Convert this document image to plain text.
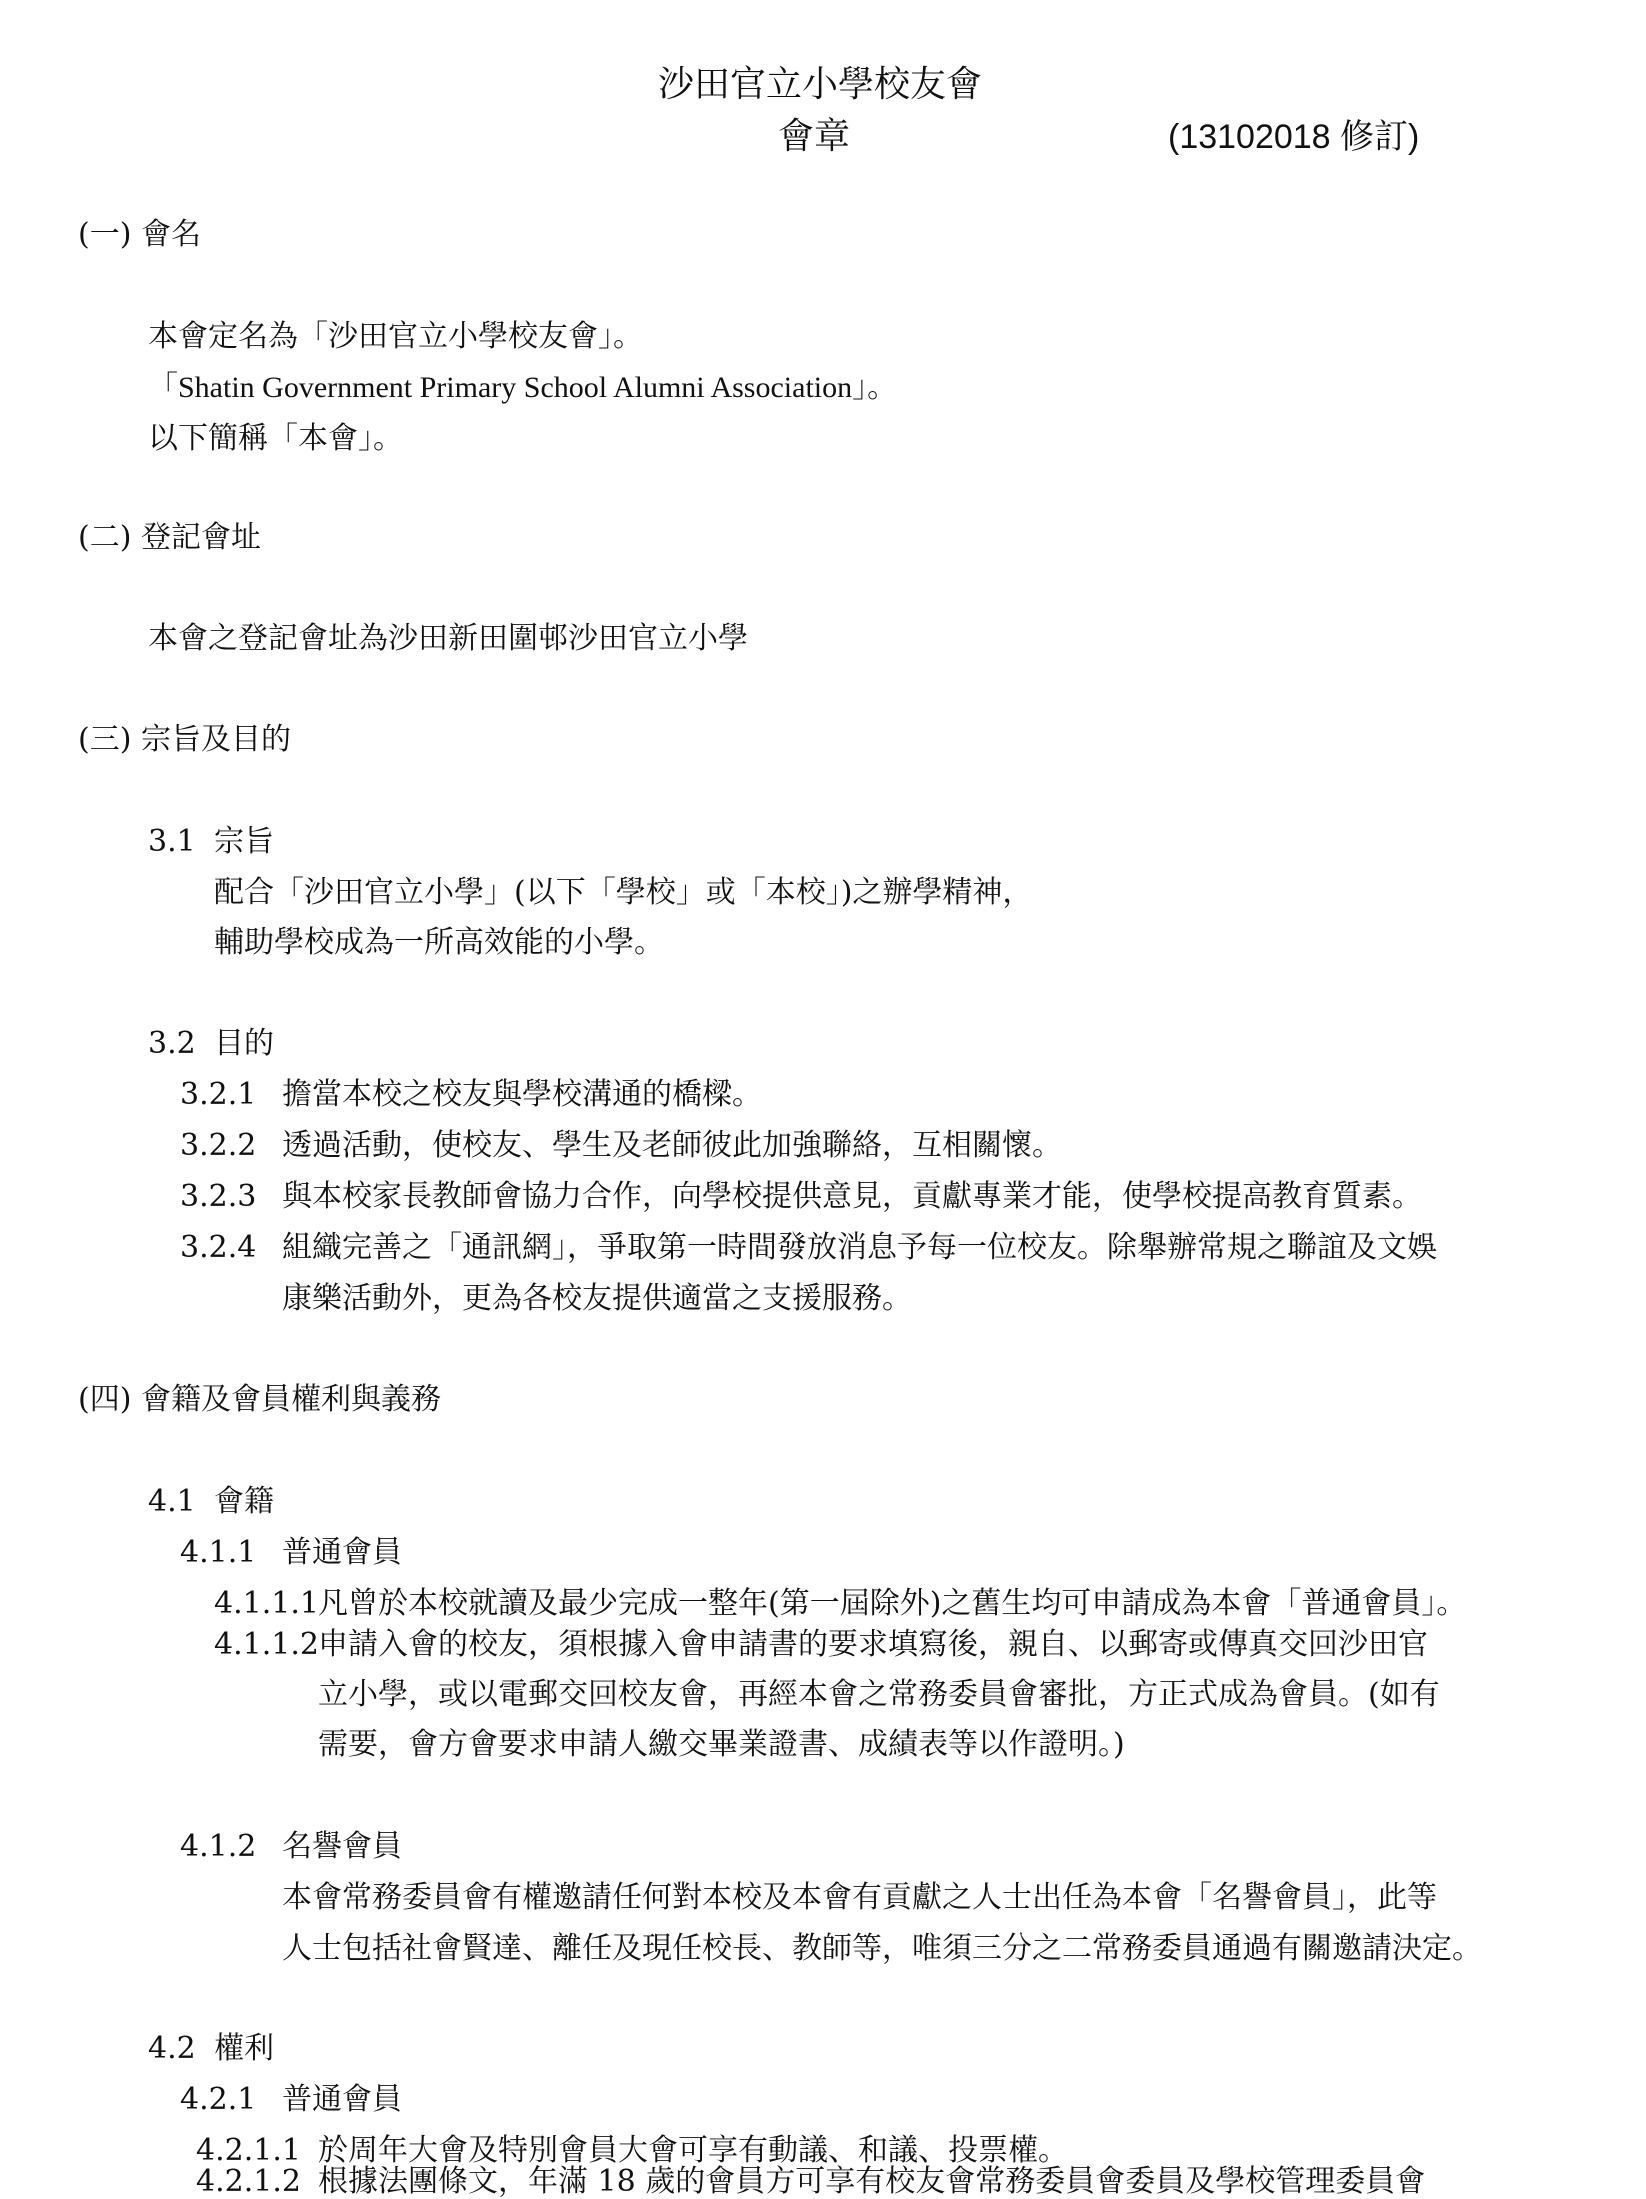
沙田官立小學校友會
會章	(13102018 修訂)
(一) 會名
本會定名為「沙田官立小學校友會」。
「Shatin Government Primary School Alumni Association」。
以下簡稱「本會」。
(二) 登記會址
本會之登記會址為沙田新田圍邨沙田官立小學
(三) 宗旨及目的
3.1 宗旨
配合「沙田官立小學」(以下「學校」或「本校」)之辦學精神，
輔助學校成為一所高效能的小學。
3.2 目的
3.2.1 擔當本校之校友與學校溝通的橋樑。
3.2.2 透過活動，使校友、學生及老師彼此加強聯絡，互相關懷。
3.2.3 與本校家長教師會協力合作，向學校提供意見，貢獻專業才能，使學校提高教育質素。
3.2.4 組織完善之「通訊網」，爭取第一時間發放消息予每一位校友。除舉辦常規之聯誼及文娛
康樂活動外，更為各校友提供適當之支援服務。
(四) 會籍及會員權利與義務
4.1 會籍
4.1.1 普通會員
4.1.1.1 凡曾於本校就讀及最少完成一整年(第一屆除外)之舊生均可申請成為本會「普通會員」。
4.1.1.2 申請入會的校友，須根據入會申請書的要求填寫後，親自、以郵寄或傳真交回沙田官
立小學，或以電郵交回校友會，再經本會之常務委員會審批，方正式成為會員。(如有
需要，會方會要求申請人繳交畢業證書、成績表等以作證明。)
4.1.2 名譽會員
本會常務委員會有權邀請任何對本校及本會有貢獻之人士出任為本會「名譽會員」，此等
人士包括社會賢達、離任及現任校長、教師等，唯須三分之二常務委員通過有關邀請決定。
4.2 權利
4.2.1 普通會員
4.2.1.1 於周年大會及特別會員大會可享有動議、和議、投票權。
4.2.1.2 根據法團條文，年滿 18 歲的會員方可享有校友會常務委員會委員及學校管理委員會
